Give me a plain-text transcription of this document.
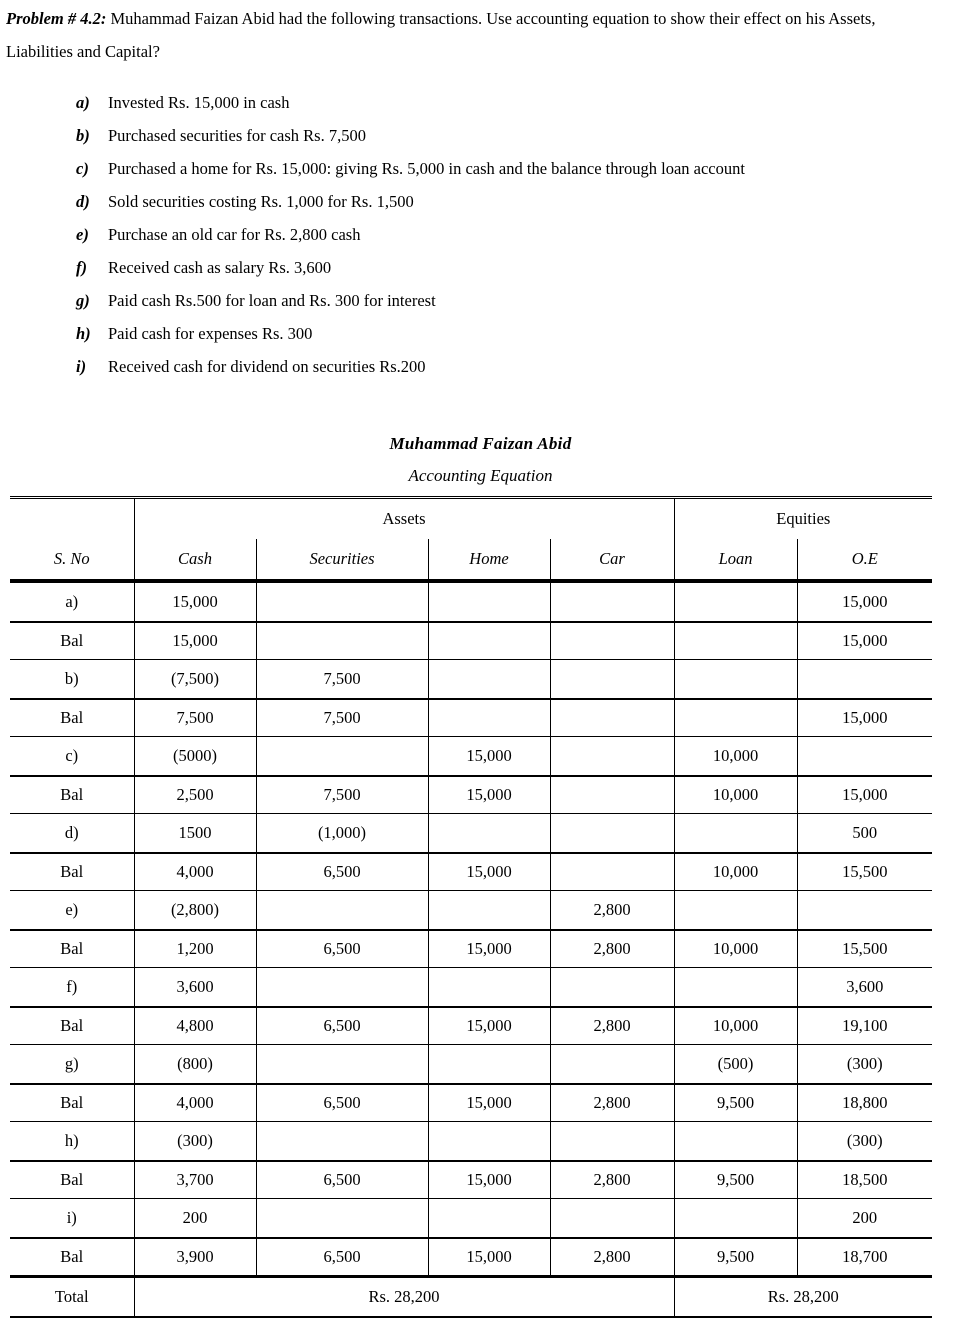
Problem # 4.2: Muhammad Faizan Abid had the following transactions. Use accounting equation to show their effect on his Assets, Liabilities and Capital?
a)	Invested Rs. 15,000 in cash
b)	Purchased securities for cash Rs. 7,500
c)	Purchased a home for Rs. 15,000: giving Rs. 5,000 in cash and the balance through loan account
d)	Sold securities costing Rs. 1,000 for Rs. 1,500
e)	Purchase an old car for Rs. 2,800 cash
f)	Received cash as salary Rs. 3,600
g)	Paid cash Rs.500 for loan and Rs. 300 for interest
h)	Paid cash for expenses Rs. 300
i)	Received cash for dividend on securities Rs.200
Muhammad Faizan Abid
Accounting Equation
	Assets				Equities	
S. No	Cash	Securities	Home	Car	Loan	O.E
a)	15,000					15,000
Bal	15,000					15,000
b)	(7,500)	7,500				
Bal	7,500	7,500				15,000
c)	(5000)		15,000		10,000	
Bal	2,500	7,500	15,000		10,000	15,000
d)	1500	(1,000)				500
Bal	4,000	6,500	15,000		10,000	15,500
e)	(2,800)			2,800		
Bal	1,200	6,500	15,000	2,800	10,000	15,500
f)	3,600					3,600
Bal	4,800	6,500	15,000	2,800	10,000	19,100
g)	(800)				(500)	(300)
Bal	4,000	6,500	15,000	2,800	9,500	18,800
h)	(300)					(300)
Bal	3,700	6,500	15,000	2,800	9,500	18,500
i)	200					200
Bal	3,900	6,500	15,000	2,800	9,500	18,700
Total	Rs. 28,200				Rs. 28,200	
